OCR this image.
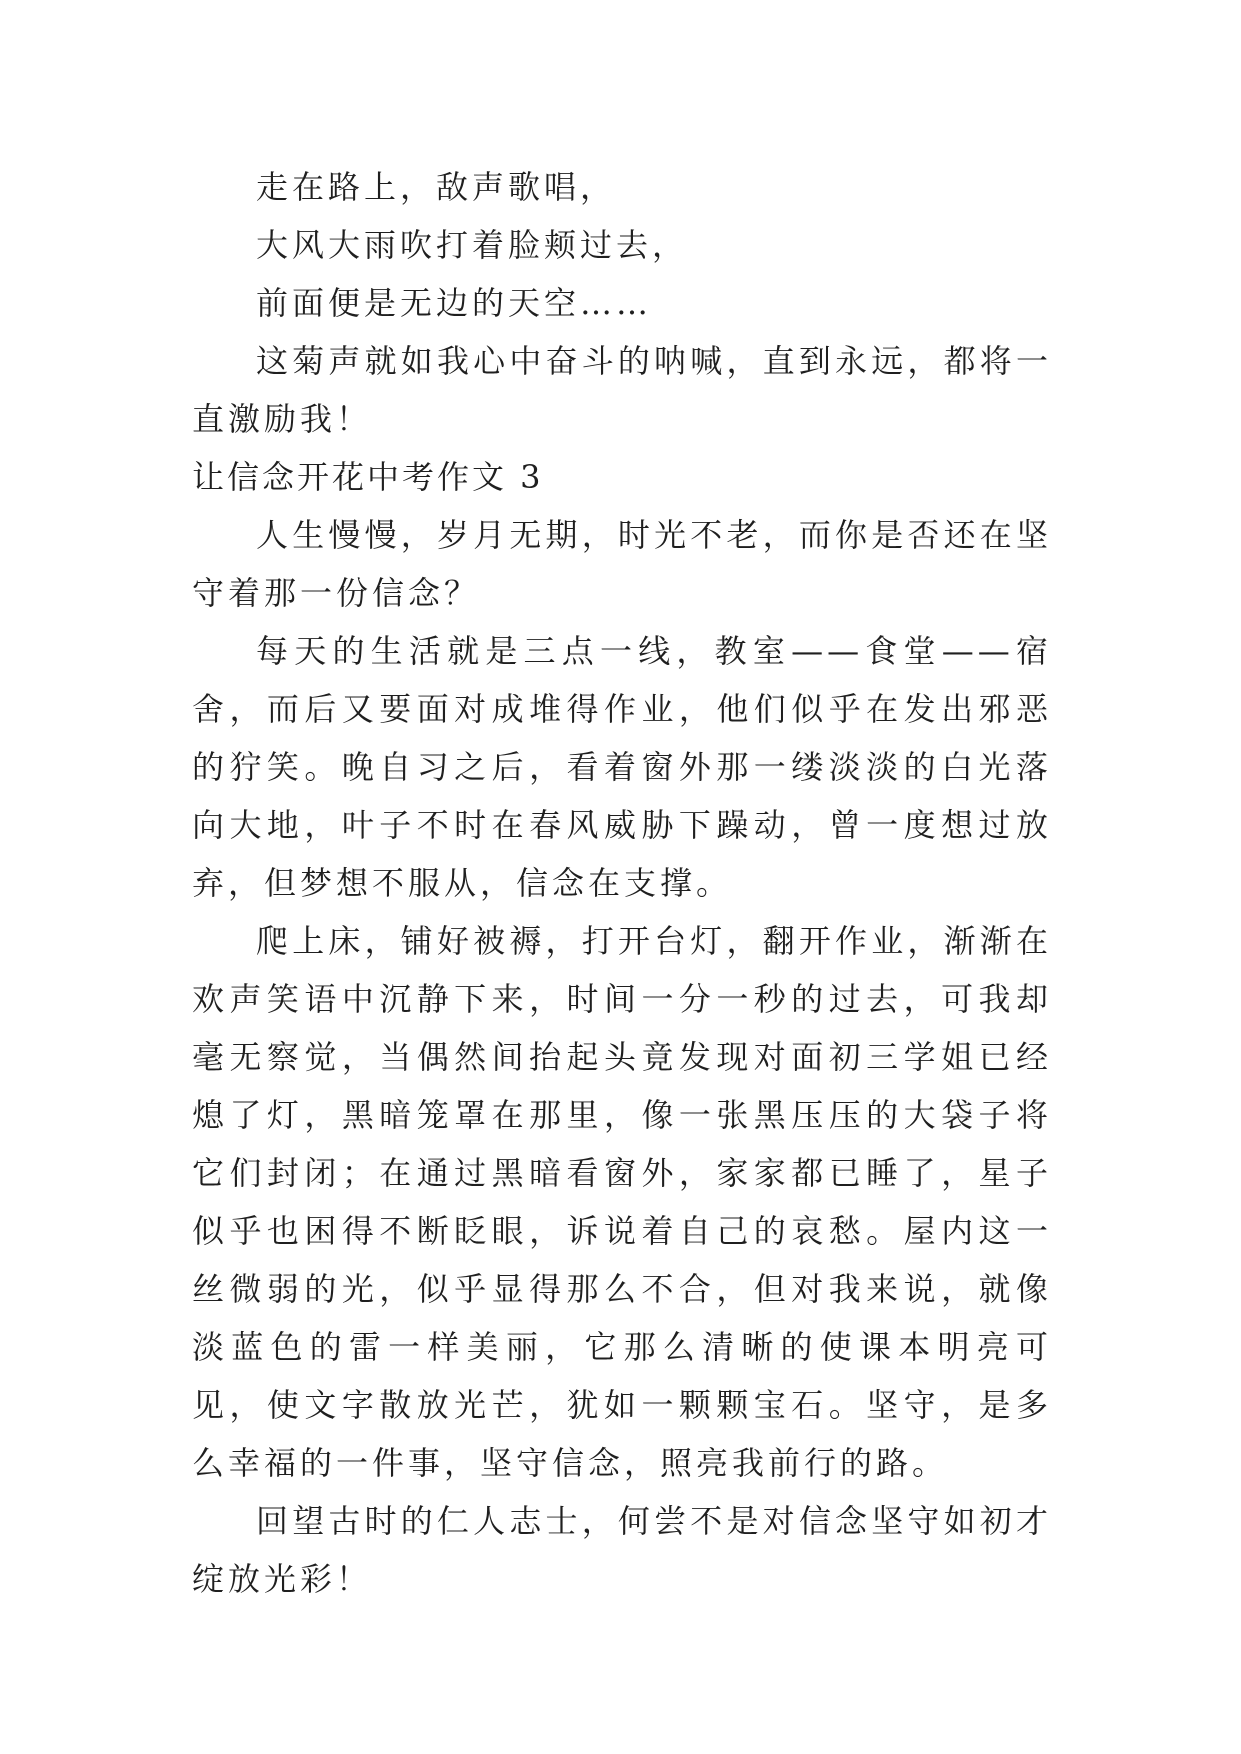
走在路上，敌声歌唱，

大风大雨吹打着脸颊过去，

前面便是无边的天空……

这菊声就如我心中奋斗的呐喊，直到永远，都将一直激励我！

让信念开花中考作文 3

人生慢慢，岁月无期，时光不老，而你是否还在坚守着那一份信念？

每天的生活就是三点一线，教室——食堂——宿舍，而后又要面对成堆得作业，他们似乎在发出邪恶的狞笑。晚自习之后，看着窗外那一缕淡淡的白光落向大地，叶子不时在春风威胁下躁动，曾一度想过放弃，但梦想不服从，信念在支撑。

爬上床，铺好被褥，打开台灯，翻开作业，渐渐在欢声笑语中沉静下来，时间一分一秒的过去，可我却毫无察觉，当偶然间抬起头竟发现对面初三学姐已经熄了灯，黑暗笼罩在那里，像一张黑压压的大袋子将它们封闭；在通过黑暗看窗外，家家都已睡了，星子似乎也困得不断眨眼，诉说着自己的哀愁。屋内这一丝微弱的光，似乎显得那么不合，但对我来说，就像淡蓝色的雷一样美丽，它那么清晰的使课本明亮可见，使文字散放光芒，犹如一颗颗宝石。坚守，是多么幸福的一件事，坚守信念，照亮我前行的路。

回望古时的仁人志士，何尝不是对信念坚守如初才绽放光彩！
